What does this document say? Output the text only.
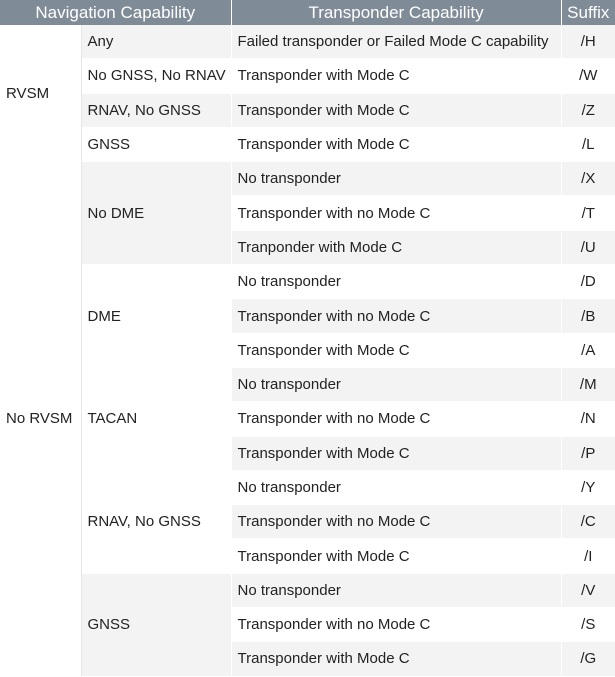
Navigation Capability		Transponder Capability	Suffix
RVSM	Any	Failed transponder or Failed Mode C capability	/H
	No GNSS, No RNAV	Transponder with Mode C	/W
	RNAV, No GNSS	Transponder with Mode C	/Z
	GNSS	Transponder with Mode C	/L
No RVSM	No DME	No transponder	/X
		Transponder with no Mode C	/T
		Tranponder with Mode C	/U
	DME	No transponder	/D
		Transponder with no Mode C	/B
		Transponder with Mode C	/A
	TACAN	No transponder	/M
		Transponder with no Mode C	/N
		Transponder with Mode C	/P
	RNAV, No GNSS	No transponder	/Y
		Transponder with no Mode C	/C
		Transponder with Mode C	/I
	GNSS	No transponder	/V
		Transponder with no Mode C	/S
		Transponder with Mode C	/G
